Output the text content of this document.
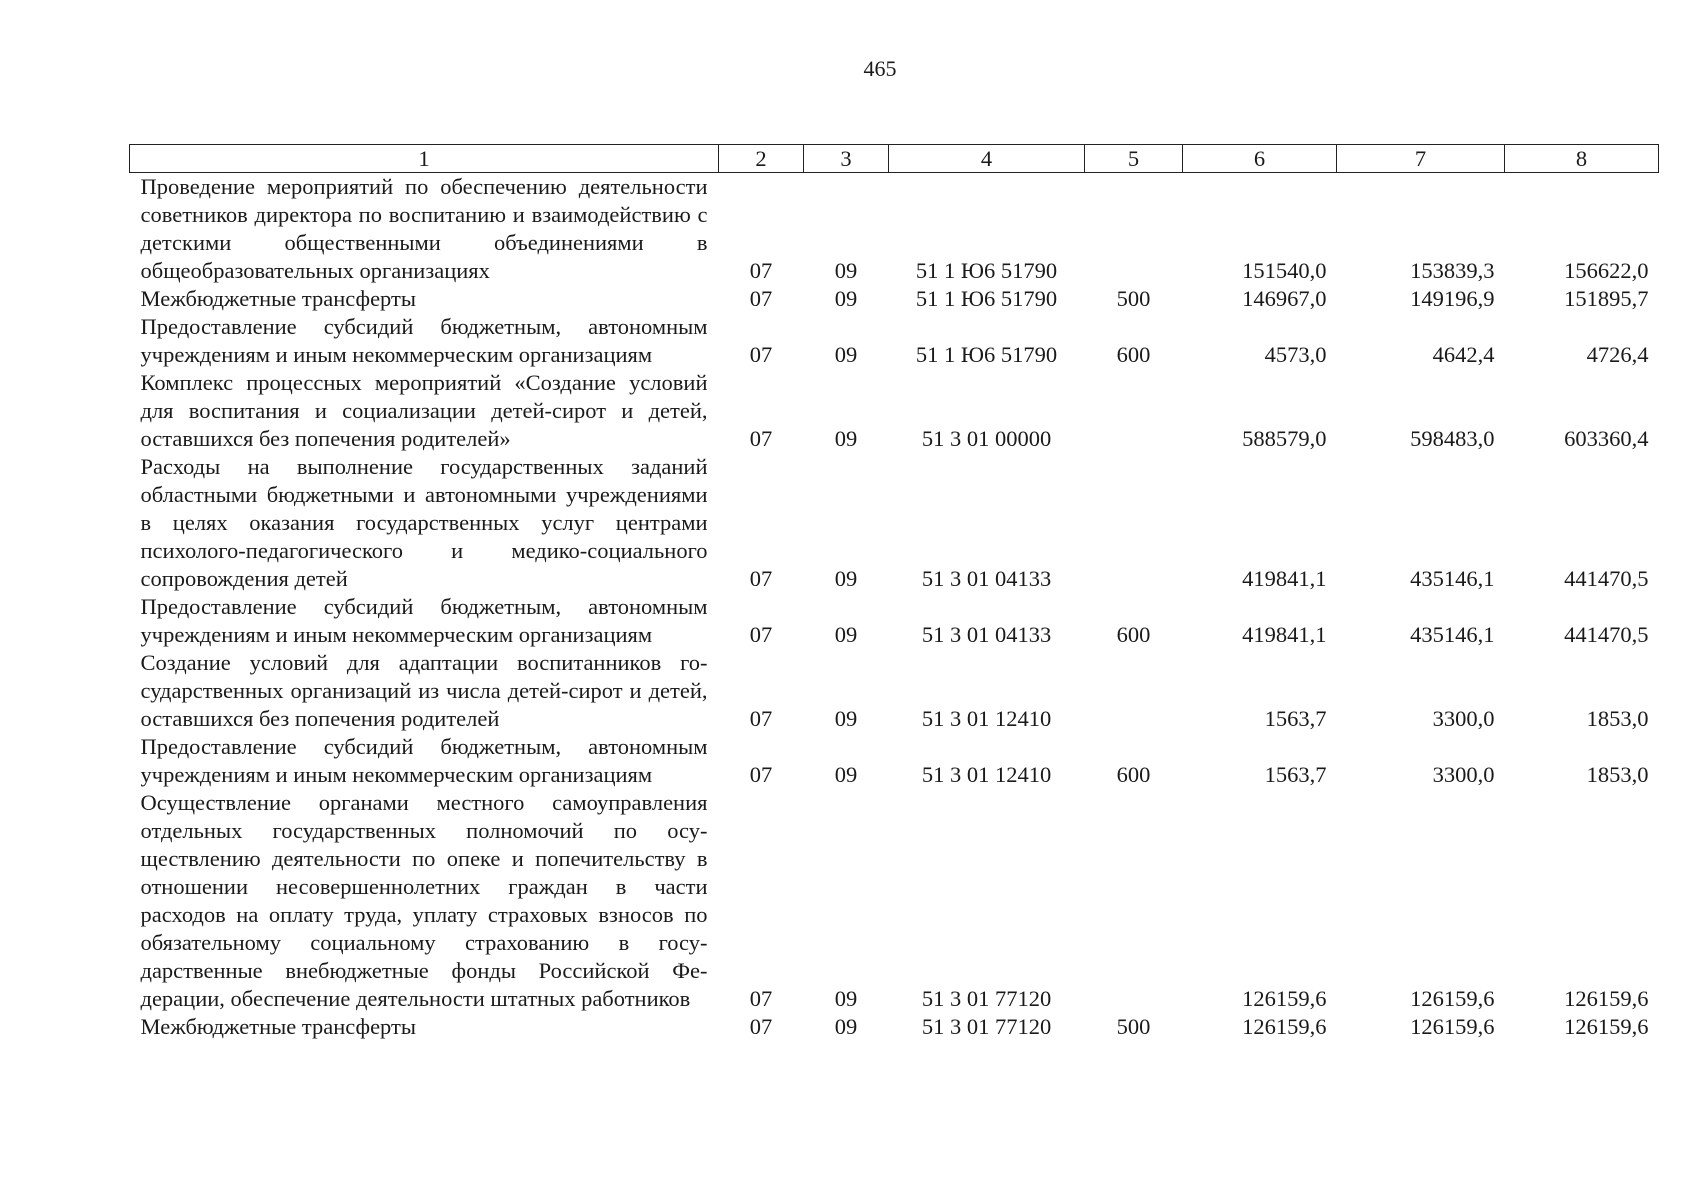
465
1	2	3	4	5	6	7	8
Проведение мероприятий по обеспечению деятельности советников директора по воспитанию и взаимодействию с детскими общественными объединениями в общеобразовательных организациях	07	09	51 1 Ю6 51790		151540,0	153839,3	156622,0
Межбюджетные трансферты	07	09	51 1 Ю6 51790	500	146967,0	149196,9	151895,7
Предоставление субсидий бюджетным, автономным учреждениям и иным некоммерческим организациям	07	09	51 1 Ю6 51790	600	4573,0	4642,4	4726,4
Комплекс процессных мероприятий «Создание условий для воспитания и социализации детей-сирот и детей, оставшихся без попечения родителей»	07	09	51 3 01 00000		588579,0	598483,0	603360,4
Расходы на выполнение государственных заданий областными бюджетными и автономными учреждениями в целях оказания государственных услуг центрами психолого-педагогического и медико-социального сопровождения детей	07	09	51 3 01 04133		419841,1	435146,1	441470,5
Предоставление субсидий бюджетным, автономным учреждениям и иным некоммерческим организациям	07	09	51 3 01 04133	600	419841,1	435146,1	441470,5
Создание условий для адаптации воспитанников государственных организаций из числа детей-сирот и детей, оставшихся без попечения родителей	07	09	51 3 01 12410		1563,7	3300,0	1853,0
Предоставление субсидий бюджетным, автономным учреждениям и иным некоммерческим организациям	07	09	51 3 01 12410	600	1563,7	3300,0	1853,0
Осуществление органами местного самоуправления отдельных государственных полномочий по осуществлению деятельности по опеке и попечительству в отношении несовершеннолетних граждан в части расходов на оплату труда, уплату страховых взносов по обязательному социальному страхованию в государственные внебюджетные фонды Российской Федерации, обеспечение деятельности штатных работников	07	09	51 3 01 77120		126159,6	126159,6	126159,6
Межбюджетные трансферты	07	09	51 3 01 77120	500	126159,6	126159,6	126159,6
